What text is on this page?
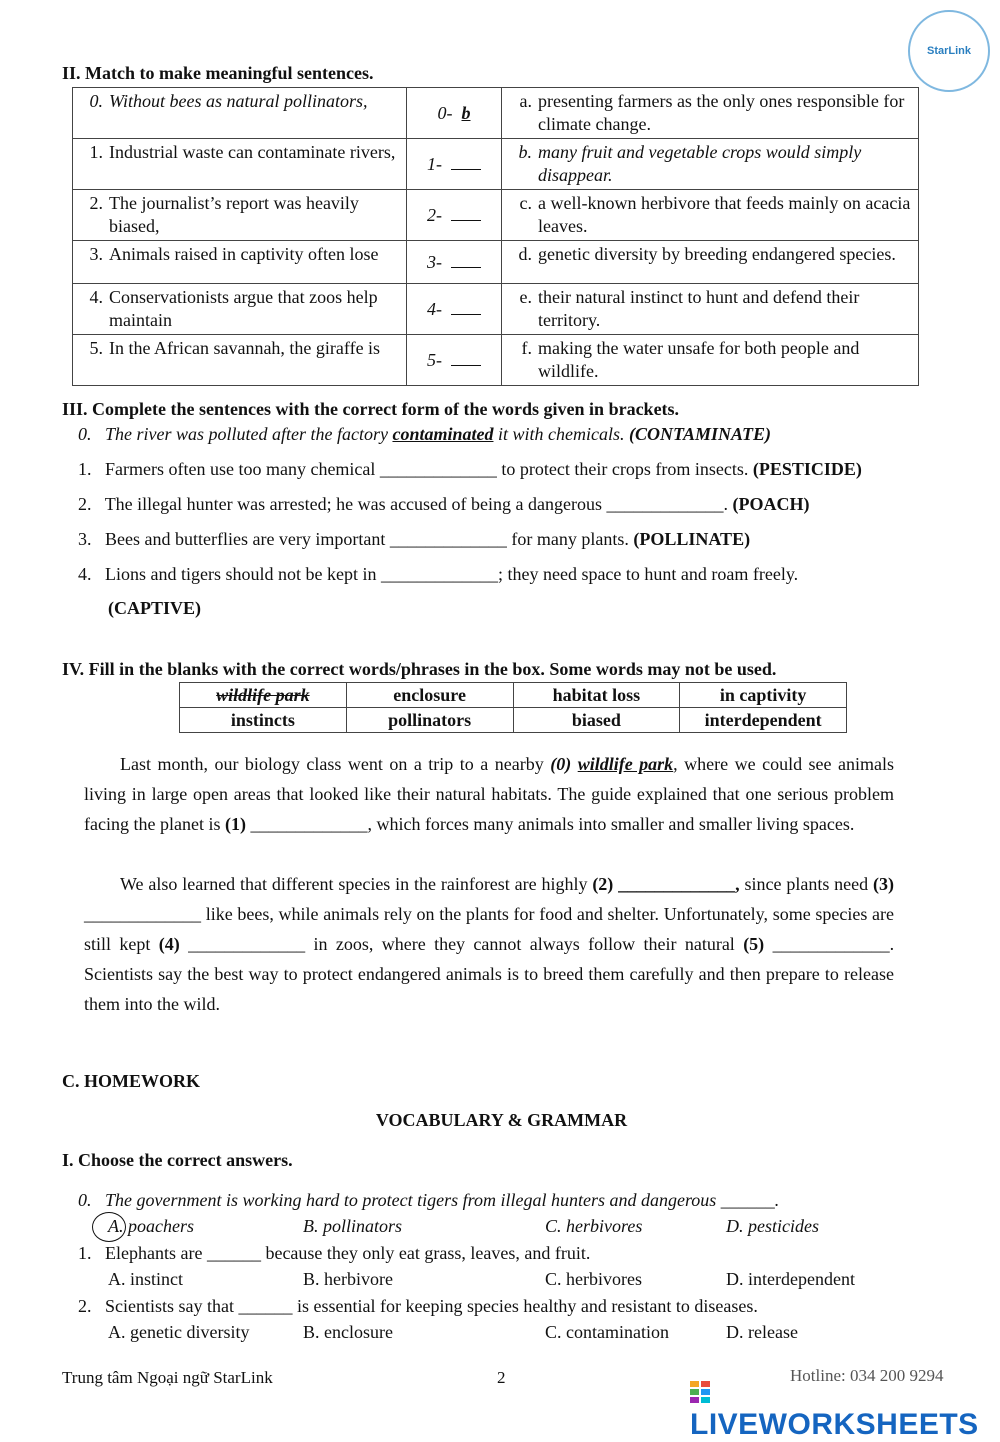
StarLink
II. Match to make meaningful sentences.
0. Without bees as natural pollinators,	0- b	a. presenting farmers as the only ones responsible for climate change.

1. Industrial waste can contaminate rivers,	1-	b. many fruit and vegetable crops would simply disappear.

2. The journalist’s report was heavily biased,	2-	c. a well-known herbivore that feeds mainly on acacia leaves.

3. Animals raised in captivity often lose	3-	d. genetic diversity by breeding endangered species.

4. Conservationists argue that zoos help maintain	4-	e. their natural instinct to hunt and defend their territory.

5. In the African savannah, the giraffe is	5-	f. making the water unsafe for both people and wildlife.
III. Complete the sentences with the correct form of the words given in brackets.
0. The river was polluted after the factory contaminated it with chemicals. (CONTAMINATE)
1. Farmers often use too many chemical _____________ to protect their crops from insects. (PESTICIDE)
2. The illegal hunter was arrested; he was accused of being a dangerous _____________. (POACH)
3. Bees and butterflies are very important _____________ for many plants. (POLLINATE)
4. Lions and tigers should not be kept in _____________; they need space to hunt and roam freely.
(CAPTIVE)
IV. Fill in the blanks with the correct words/phrases in the box. Some words may not be used.
wildlife park	enclosure	habitat loss	in captivity
instincts	pollinators	biased	interdependent
Last month, our biology class went on a trip to a nearby (0) wildlife park, where we could see animals living in large open areas that looked like their natural habitats. The guide explained that one serious problem facing the planet is (1) _____________, which forces many animals into smaller and smaller living spaces.
We also learned that different species in the rainforest are highly (2) _____________, since plants need (3) _____________ like bees, while animals rely on the plants for food and shelter. Unfortunately, some species are still kept (4) _____________ in zoos, where they cannot always follow their natural (5) _____________. Scientists say the best way to protect endangered animals is to breed them carefully and then prepare to release them into the wild.
C. HOMEWORK
VOCABULARY & GRAMMAR
I. Choose the correct answers.
0. The government is working hard to protect tigers from illegal hunters and dangerous ______.
A. poachers	B. pollinators	C. herbivores	D. pesticides
1. Elephants are ______ because they only eat grass, leaves, and fruit.
A. instinct	B. herbivore	C. herbivores	D. interdependent
2. Scientists say that ______ is essential for keeping species healthy and resistant to diseases.
A. genetic diversity	B. enclosure	C. contamination	D. release
Trung tâm Ngoại ngữ StarLink	2	Hotline: 034 200 9294
LIVEWORKSHEETS
